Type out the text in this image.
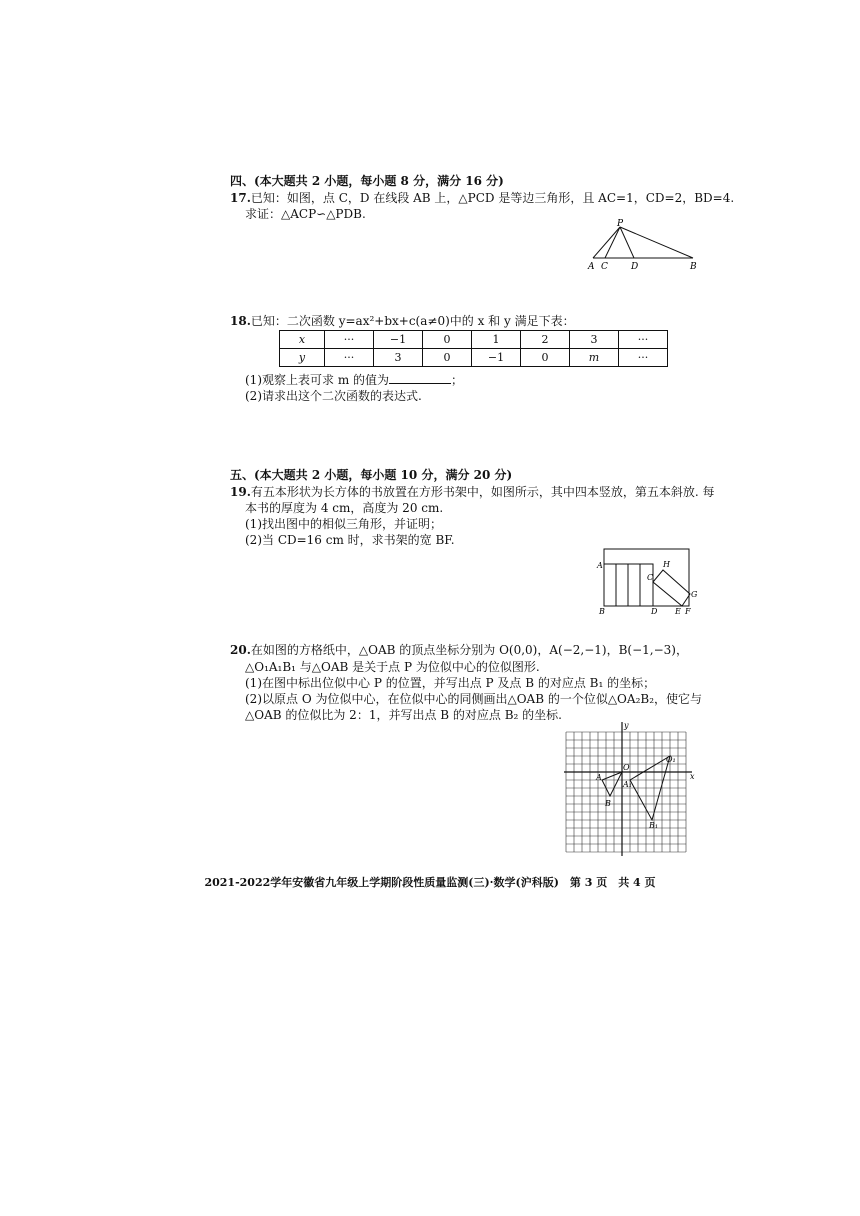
四、(本大题共 2 小题，每小题 8 分，满分 16 分)
17.已知：如图，点 C，D 在线段 AB 上，△PCD 是等边三角形，且 AC=1，CD=2，BD=4.
求证：△ACP∽△PDB.
P
A C	D	B
18.已知：二次函数 y=ax²+bx+c(a≠0)中的 x 和 y 满足下表：
x	···	−1	0	1	2	3	···
y	···	3	0	−1	0	m	···
(1)观察上表可求 m 的值为	；
(2)请求出这个二次函数的表达式.
五、(本大题共 2 小题，每小题 10 分，满分 20 分)
19.有五本形状为长方体的书放置在方形书架中，如图所示，其中四本竖放，第五本斜放. 每
本书的厚度为 4 cm，高度为 20 cm.
(1)找出图中的相似三角形，并证明；
(2)当 CD=16 cm 时，求书架的宽 BF.
A
B
C
D E F
G
H
20.在如图的方格纸中，△OAB 的顶点坐标分别为 O(0,0)，A(−2,−1)，B(−1,−3)，
△O₁A₁B₁ 与△OAB 是关于点 P 为位似中心的位似图形.
(1)在图中标出位似中心 P 的位置，并写出点 P 及点 B 的对应点 B₁ 的坐标；
(2)以原点 O 为位似中心，在位似中心的同侧画出△OAB 的一个位似△OA₂B₂，使它与
△OAB 的位似比为 2：1，并写出点 B 的对应点 B₂ 的坐标.
y
x
O
A
B
O₁
A₁
B₁
2021-2022学年安徽省九年级上学期阶段性质量监测(三)·数学(沪科版)　第 3 页　共 4 页
